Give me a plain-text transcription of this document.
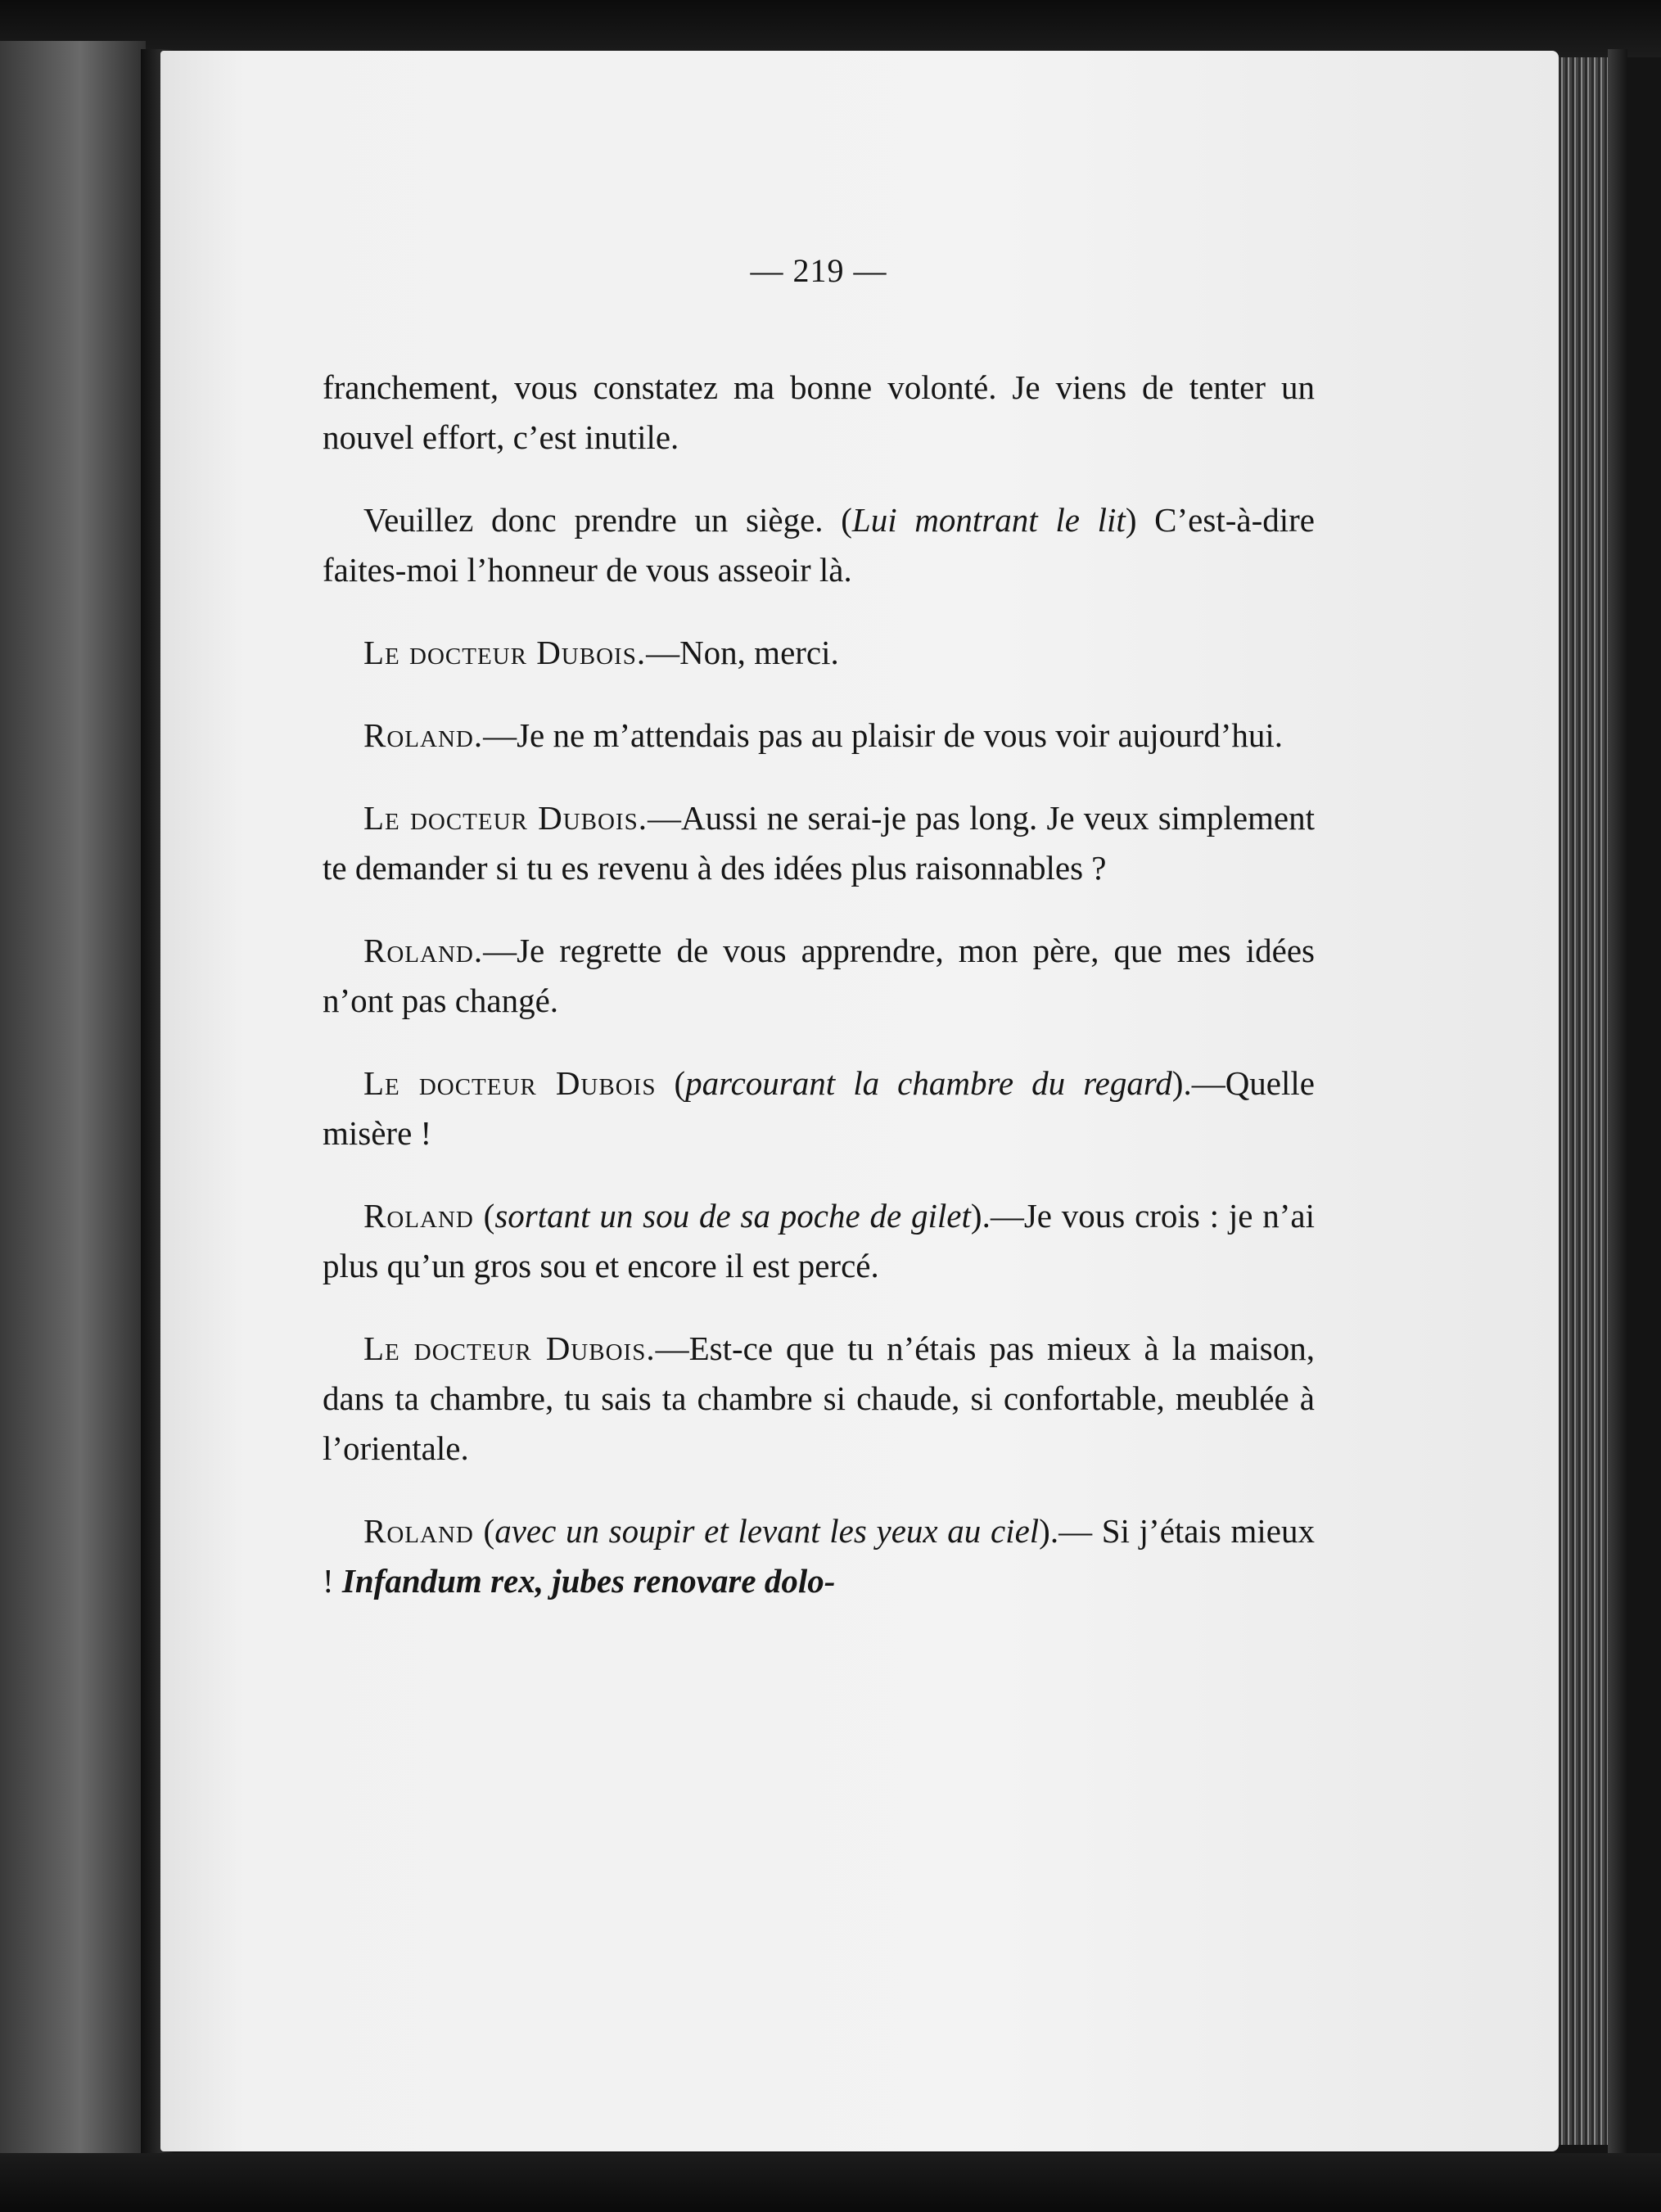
— 219 —

franchement, vous constatez ma bonne volonté. Je viens de tenter un nouvel effort, c’est inutile.

Veuillez donc prendre un siège. (Lui montrant le lit) C’est-à-dire faites-moi l’honneur de vous asseoir là.

Le docteur Dubois.—Non, merci.

Roland.—Je ne m’attendais pas au plaisir de vous voir aujourd’hui.

Le docteur Dubois.—Aussi ne serai-je pas long. Je veux simplement te demander si tu es revenu à des idées plus raisonnables ?

Roland.—Je regrette de vous apprendre, mon père, que mes idées n’ont pas changé.

Le docteur Dubois (parcourant la chambre du regard).—Quelle misère !

Roland (sortant un sou de sa poche de gilet).—Je vous crois : je n’ai plus qu’un gros sou et encore il est percé.

Le docteur Dubois.—Est-ce que tu n’étais pas mieux à la maison, dans ta chambre, tu sais ta chambre si chaude, si confortable, meublée à l’orientale.

Roland (avec un soupir et levant les yeux au ciel).— Si j’étais mieux ! Infandum rex, jubes renovare dolo-
